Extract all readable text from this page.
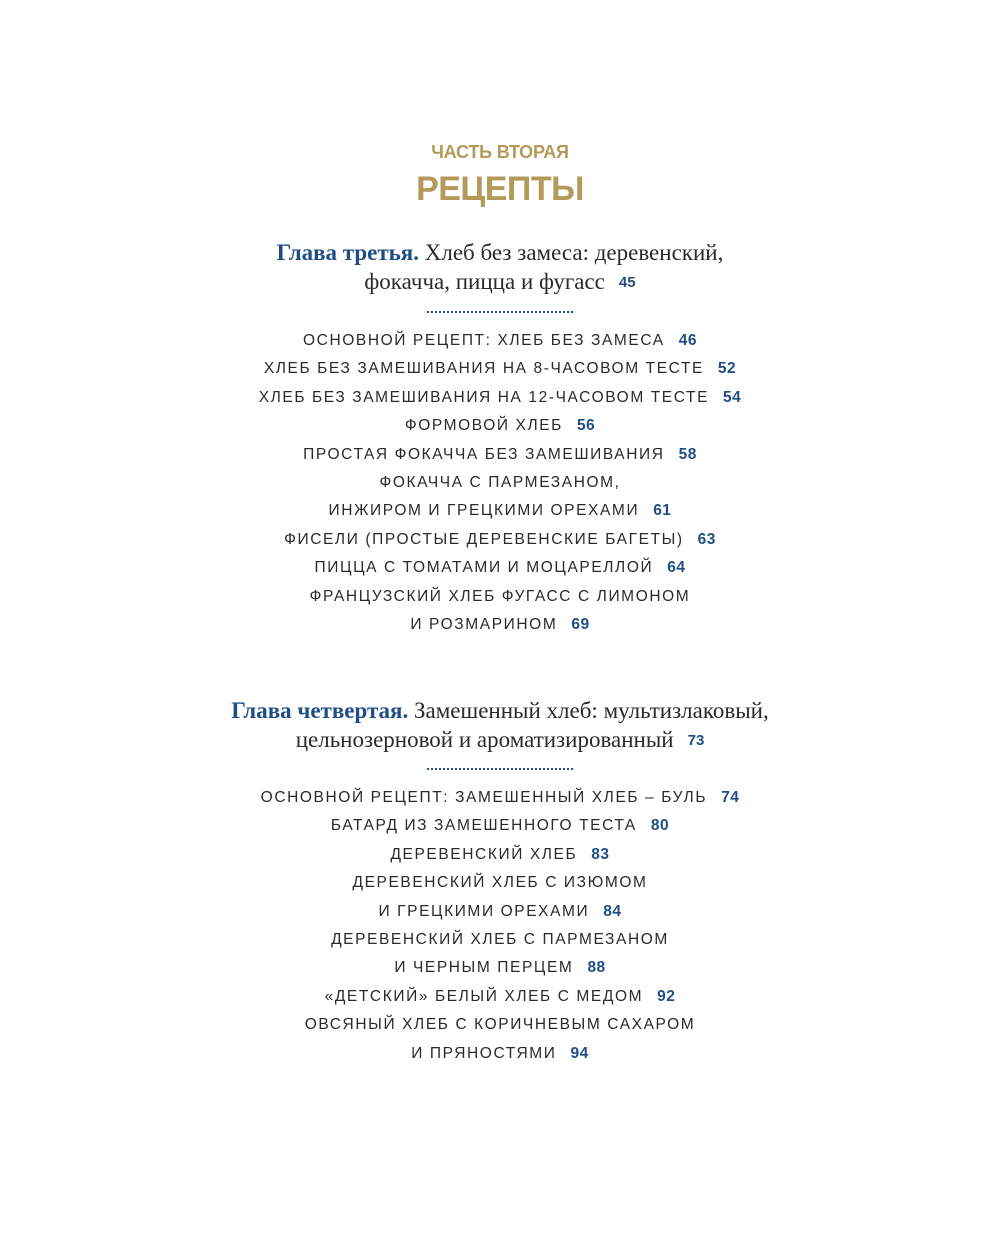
ЧАСТЬ ВТОРАЯ
РЕЦЕПТЫ
Глава третья. Хлеб без замеса: деревенский,
фокачча, пицца и фугасс 45
ОСНОВНОЙ РЕЦЕПТ: ХЛЕБ БЕЗ ЗАМЕСА 46
ХЛЕБ БЕЗ ЗАМЕШИВАНИЯ НА 8-ЧАСОВОМ ТЕСТЕ 52
ХЛЕБ БЕЗ ЗАМЕШИВАНИЯ НА 12-ЧАСОВОМ ТЕСТЕ 54
ФОРМОВОЙ ХЛЕБ 56
ПРОСТАЯ ФОКАЧЧА БЕЗ ЗАМЕШИВАНИЯ 58
ФОКАЧЧА С ПАРМЕЗАНОМ,
ИНЖИРОМ И ГРЕЦКИМИ ОРЕХАМИ 61
ФИСЕЛИ (ПРОСТЫЕ ДЕРЕВЕНСКИЕ БАГЕТЫ) 63
ПИЦЦА С ТОМАТАМИ И МОЦАРЕЛЛОЙ 64
ФРАНЦУЗСКИЙ ХЛЕБ ФУГАСС С ЛИМОНОМ
И РОЗМАРИНОМ 69
Глава четвертая. Замешенный хлеб: мультизлаковый,
цельнозерновой и ароматизированный 73
ОСНОВНОЙ РЕЦЕПТ: ЗАМЕШЕННЫЙ ХЛЕБ – БУЛЬ 74
БАТАРД ИЗ ЗАМЕШЕННОГО ТЕСТА 80
ДЕРЕВЕНСКИЙ ХЛЕБ 83
ДЕРЕВЕНСКИЙ ХЛЕБ С ИЗЮМОМ
И ГРЕЦКИМИ ОРЕХАМИ 84
ДЕРЕВЕНСКИЙ ХЛЕБ С ПАРМЕЗАНОМ
И ЧЕРНЫМ ПЕРЦЕМ 88
«ДЕТСКИЙ» БЕЛЫЙ ХЛЕБ С МЕДОМ 92
ОВСЯНЫЙ ХЛЕБ С КОРИЧНЕВЫМ САХАРОМ
И ПРЯНОСТЯМИ 94
